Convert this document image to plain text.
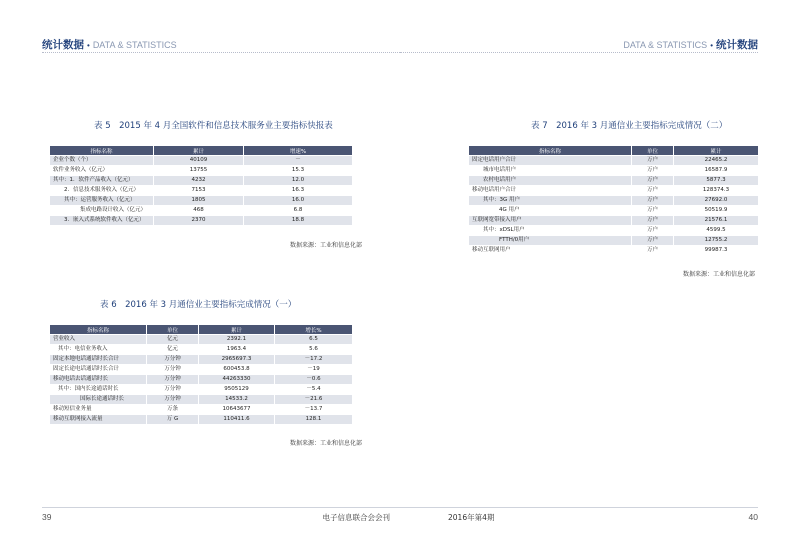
统计数据 • DATA & STATISTICS
表 5　2015 年 4 月全国软件和信息技术服务业主要指标快报表
指标名称	累计	增速%
企业个数（个）	40109	－
软件业务收入（亿元）	13755	15.3
其中：1．软件产品收入（亿元）	4232	12.0
2．信息技术服务收入（亿元）	7153	16.3
其中：运营服务收入（亿元）	1805	16.0
集成电路设计收入（亿元）	468	6.8
3．嵌入式系统软件收入（亿元）	2370	18.8
数据来源：工业和信息化部
表 6　2016 年 3 月通信业主要指标完成情况（一）
指标名称	单位	累计	增长%
营业收入	亿元	2392.1	6.5
其中：电信业务收入	亿元	1963.4	5.6
固定本地电话通话时长合计	万分钟	2965697.3	－17.2
固定长途电话通话时长合计	万分钟	600453.8	－19
移动电话去话通话时长	万分钟	44263330	－0.6
其中：国内长途通话时长	万分钟	9505129	－5.4
国际长途通话时长	万分钟	14533.2	－21.6
移动短信业务量	万条	10643677	－13.7
移动互联网接入流量	万 G	110411.6	128.1
数据来源：工业和信息化部
39	电子信息联合会会刊
DATA & STATISTICS • 统计数据
表 7　2016 年 3 月通信业主要指标完成情况（二）
指标名称	单位	累计
固定电话用户合计	万户	22465.2
城市电话用户	万户	16587.9
农村电话用户	万户	5877.3
移动电话用户合计	万户	128374.3
其中：3G 用户	万户	27692.0
4G 用户	万户	50519.9
互联网宽带接入用户	万户	21576.1
其中：xDSL用户	万户	4599.5
FTTH/0用户	万户	12755.2
移动互联网用户	万户	99987.3
数据来源：工业和信息化部
2016年第4期	40
